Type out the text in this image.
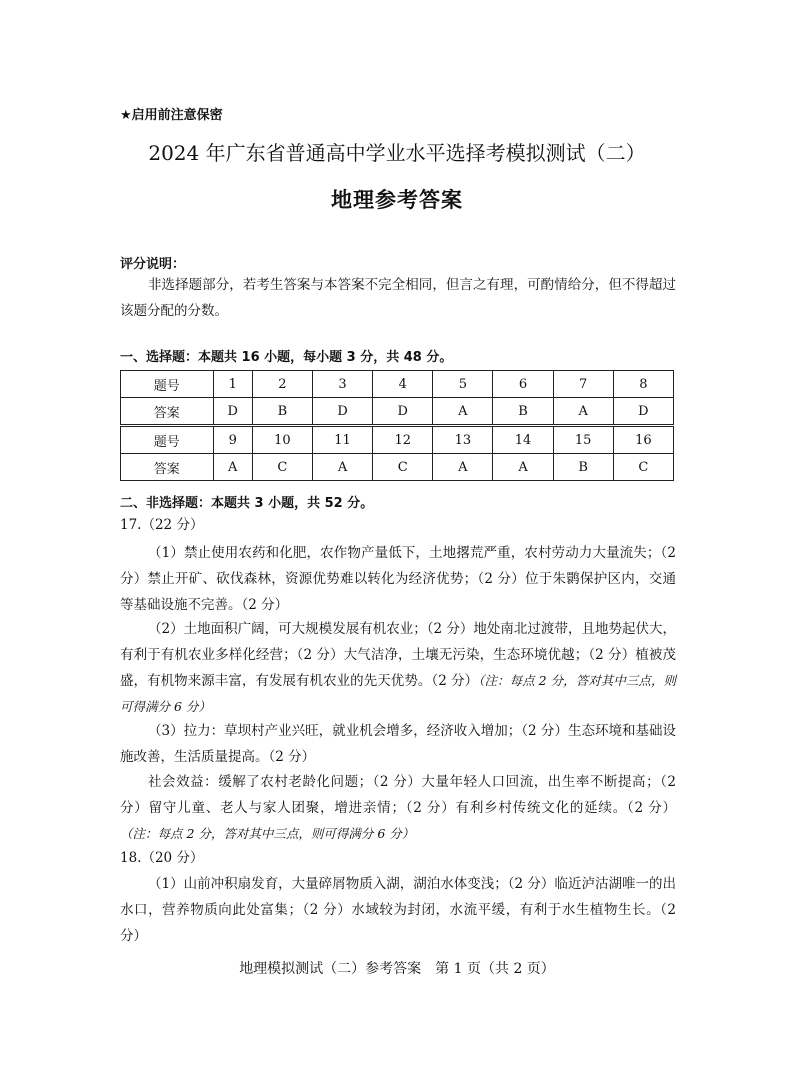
★启用前注意保密
2024 年广东省普通高中学业水平选择考模拟测试（二）
地理参考答案
评分说明：
非选择题部分，若考生答案与本答案不完全相同，但言之有理，可酌情给分，但不得超过该题分配的分数。
一、选择题：本题共 16 小题，每小题 3 分，共 48 分。
题号	1	2	3	4	5	6	7	8
答案	D	B	D	D	A	B	A	D
题号	9	10	11	12	13	14	15	16
答案	A	C	A	C	A	A	B	C
二、非选择题：本题共 3 小题，共 52 分。
17.（22 分）
（1）禁止使用农药和化肥，农作物产量低下，土地撂荒严重，农村劳动力大量流失；（2 分）禁止开矿、砍伐森林，资源优势难以转化为经济优势；（2 分）位于朱鹮保护区内，交通等基础设施不完善。（2 分）
（2）土地面积广阔，可大规模发展有机农业；（2 分）地处南北过渡带，且地势起伏大，有利于有机农业多样化经营；（2 分）大气洁净，土壤无污染，生态环境优越；（2 分）植被茂盛，有机物来源丰富，有发展有机农业的先天优势。（2 分）（注：每点 2 分，答对其中三点，则可得满分 6 分）
（3）拉力：草坝村产业兴旺，就业机会增多，经济收入增加；（2 分）生态环境和基础设施改善，生活质量提高。（2 分）
社会效益：缓解了农村老龄化问题；（2 分）大量年轻人口回流，出生率不断提高；（2 分）留守儿童、老人与家人团聚，增进亲情；（2 分）有利乡村传统文化的延续。（2 分）（注：每点 2 分，答对其中三点，则可得满分 6 分）
18.（20 分）
（1）山前冲积扇发育，大量碎屑物质入湖，湖泊水体变浅；（2 分）临近泸沽湖唯一的出水口，营养物质向此处富集；（2 分）水域较为封闭，水流平缓，有利于水生植物生长。（2 分）
地理模拟测试（二）参考答案　第 1 页（共 2 页）
